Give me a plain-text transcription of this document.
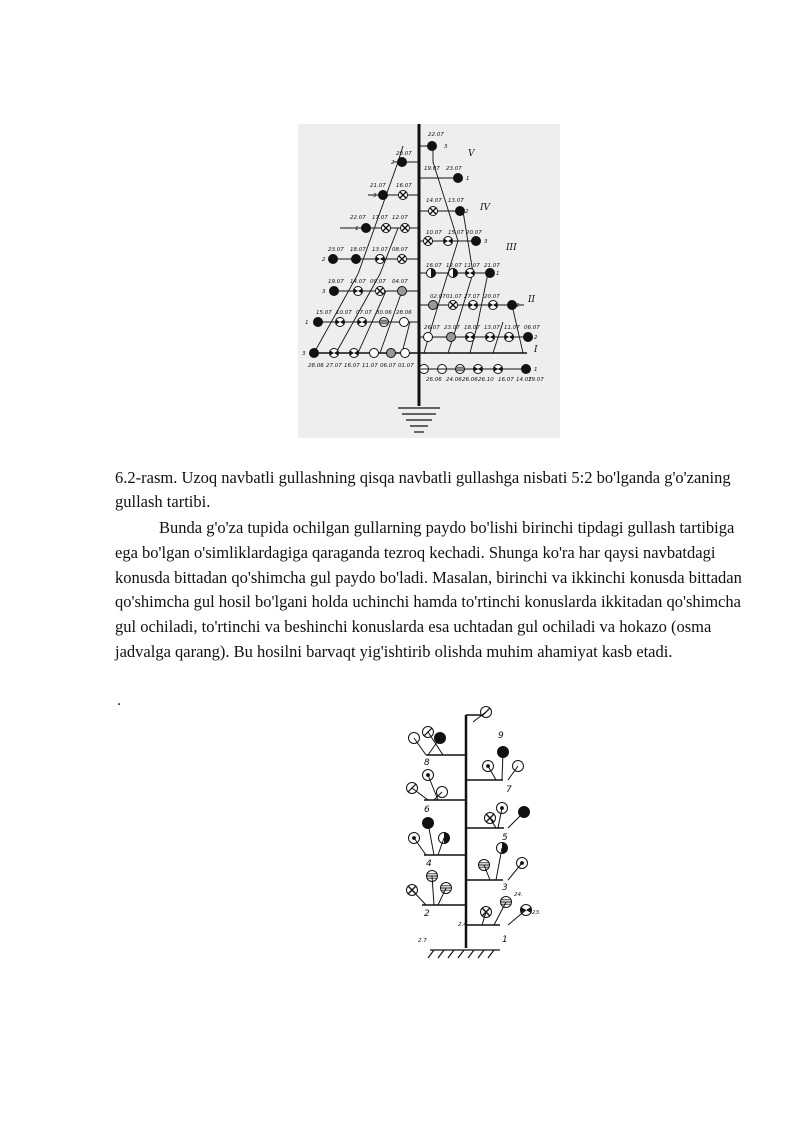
22.07
20.07
19.07 23.07
21.07 16.07
14.07 13.07
22.07 17.07 12.07
10.07 15.07 20.07
23.07 18.07 13.07 08.07
16.07 12.07 11.07 21.07
19.07 14.07 09.07 04.07
02.07 01.07 27.07 20.07
15.07 10.07 07.07 30.06 28.06
26.07 23.07 18.07 13.07 11.07 06.07
28.06 27.07 16.07 11.07 06.07 01.07
26.06 24.06 26.06 26.10 16.07 14.07
19.07
V
IV
III
II
I
3
2
1
3
2
1
3
2
1
3
2
1
2
3
1
6.2-rasm. Uzoq navbatli gullashning qisqa navbatli gullashga nisbati 5:2 bo'lganda g'o'zaning gullash tartibi.
Bunda g'o'za tupida ochilgan gullarning paydo bo'lishi birinchi tipdagi gullash tartibiga ega bo'lgan o'simliklardagiga qaraganda tezroq kechadi. Shunga ko'ra har qaysi navbatdagi konusda bittadan qo'shimcha gul paydo bo'ladi. Masalan, birinchi va ikkinchi konusda bittadan qo'shimcha gul hosil bo'lgani holda uchinchi hamda to'rtinchi konuslarda ikkitadan qo'shimcha gul ochiladi, to'rtinchi va beshinchi konuslarda esa uchtadan gul ochiladi va hokazo (osma jadvalga qarang). Bu hosilni barvaqt yig'ishtirib olishda muhim ahamiyat kasb etadi.
.
9
8
7
6
5
4
3
2
1
2.4
24.
23.
2.7
